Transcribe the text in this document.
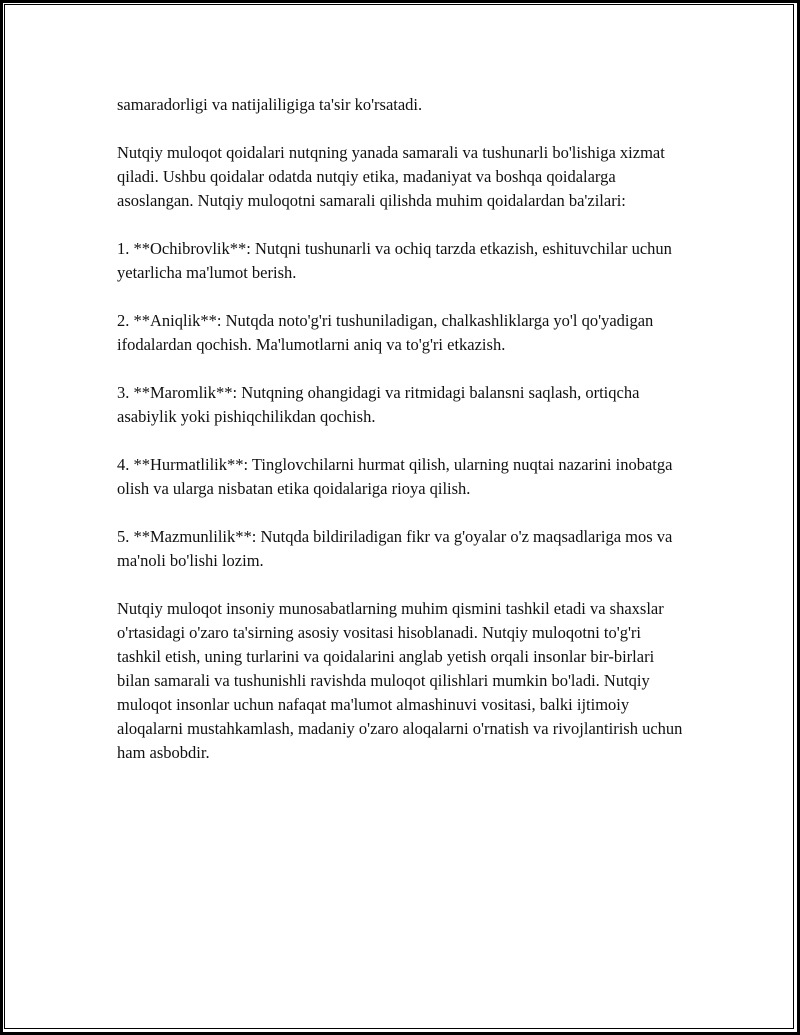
samaradorligi va natijaliligiga ta'sir ko'rsatadi.

Nutqiy muloqot qoidalari nutqning yanada samarali va tushunarli bo'lishiga xizmat qiladi. Ushbu qoidalar odatda nutqiy etika, madaniyat va boshqa qoidalarga asoslangan. Nutqiy muloqotni samarali qilishda muhim qoidalardan ba'zilari:

1. **Ochibrovlik**: Nutqni tushunarli va ochiq tarzda etkazish, eshituvchilar uchun yetarlicha ma'lumot berish.

2. **Aniqlik**: Nutqda noto'g'ri tushuniladigan, chalkashliklarga yo'l qo'yadigan ifodalardan qochish. Ma'lumotlarni aniq va to'g'ri etkazish.

3. **Maromlik**: Nutqning ohangidagi va ritmidagi balansni saqlash, ortiqcha asabiylik yoki pishiqchilikdan qochish.

4. **Hurmatlilik**: Tinglovchilarni hurmat qilish, ularning nuqtai nazarini inobatga olish va ularga nisbatan etika qoidalariga rioya qilish.

5. **Mazmunlilik**: Nutqda bildiriladigan fikr va g'oyalar o'z maqsadlariga mos va ma'noli bo'lishi lozim.

Nutqiy muloqot insoniy munosabatlarning muhim qismini tashkil etadi va shaxslar o'rtasidagi o'zaro ta'sirning asosiy vositasi hisoblanadi. Nutqiy muloqotni to'g'ri tashkil etish, uning turlarini va qoidalarini anglab yetish orqali insonlar bir-birlari bilan samarali va tushunishli ravishda muloqot qilishlari mumkin bo'ladi. Nutqiy muloqot insonlar uchun nafaqat ma'lumot almashinuvi vositasi, balki ijtimoiy aloqalarni mustahkamlash, madaniy o'zaro aloqalarni o'rnatish va rivojlantirish uchun ham asbobdir.
